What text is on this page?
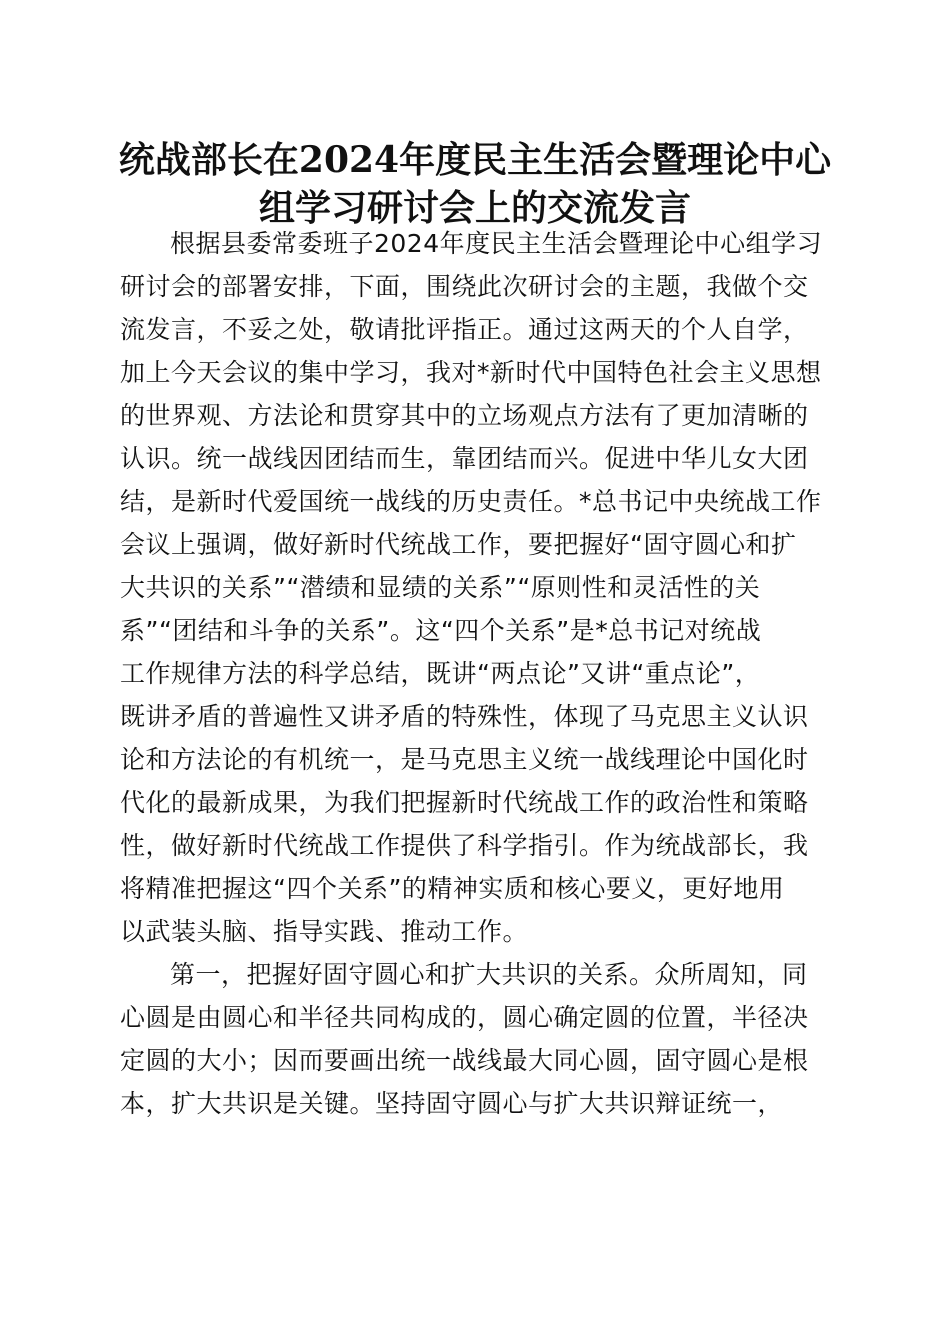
统战部长在2024年度民主生活会暨理论中心
组学习研讨会上的交流发言
根据县委常委班子2024年度民主生活会暨理论中心组学习
研讨会的部署安排，下面，围绕此次研讨会的主题，我做个交
流发言，不妥之处，敬请批评指正。通过这两天的个人自学，
加上今天会议的集中学习，我对*新时代中国特色社会主义思想
的世界观、方法论和贯穿其中的立场观点方法有了更加清晰的
认识。统一战线因团结而生，靠团结而兴。促进中华儿女大团
结，是新时代爱国统一战线的历史责任。*总书记中央统战工作
会议上强调，做好新时代统战工作，要把握好“固守圆心和扩
大共识的关系”“潜绩和显绩的关系”“原则性和灵活性的关
系”“团结和斗争的关系”。这“四个关系”是*总书记对统战
工作规律方法的科学总结，既讲“两点论”又讲“重点论”，
既讲矛盾的普遍性又讲矛盾的特殊性，体现了马克思主义认识
论和方法论的有机统一，是马克思主义统一战线理论中国化时
代化的最新成果，为我们把握新时代统战工作的政治性和策略
性，做好新时代统战工作提供了科学指引。作为统战部长，我
将精准把握这“四个关系”的精神实质和核心要义，更好地用
以武装头脑、指导实践、推动工作。
第一，把握好固守圆心和扩大共识的关系。众所周知，同
心圆是由圆心和半径共同构成的，圆心确定圆的位置，半径决
定圆的大小；因而要画出统一战线最大同心圆，固守圆心是根
本，扩大共识是关键。坚持固守圆心与扩大共识辩证统一，
